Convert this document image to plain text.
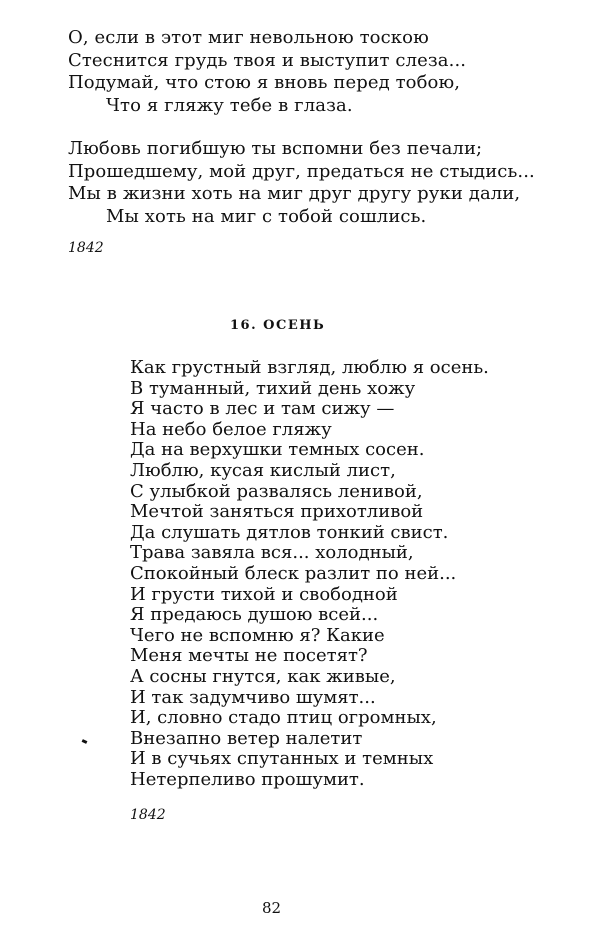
О, если в этот миг невольною тоскою
Стеснится грудь твоя и выступит слеза...
Подумай, что стою я вновь перед тобою,
Что я гляжу тебе в глаза.
Любовь погибшую ты вспомни без печали;
Прошедшему, мой друг, предаться не стыдись...
Мы в жизни хоть на миг друг другу руки дали,
Мы хоть на миг с тобой сошлись.
1842
16. ОСЕНЬ
Как грустный взгляд, люблю я осень.
В туманный, тихий день хожу
Я часто в лес и там сижу —
На небо белое гляжу
Да на верхушки темных сосен.
Люблю, кусая кислый лист,
С улыбкой развалясь ленивой,
Мечтой заняться прихотливой
Да слушать дятлов тонкий свист.
Трава завяла вся... холодный,
Спокойный блеск разлит по ней...
И грусти тихой и свободной
Я предаюсь душою всей...
Чего не вспомню я? Какие
Меня мечты не посетят?
А сосны гнутся, как живые,
И так задумчиво шумят...
И, словно стадо птиц огромных,
Внезапно ветер налетит
И в сучьях спутанных и темных
Нетерпеливо прошумит.
1842
82
